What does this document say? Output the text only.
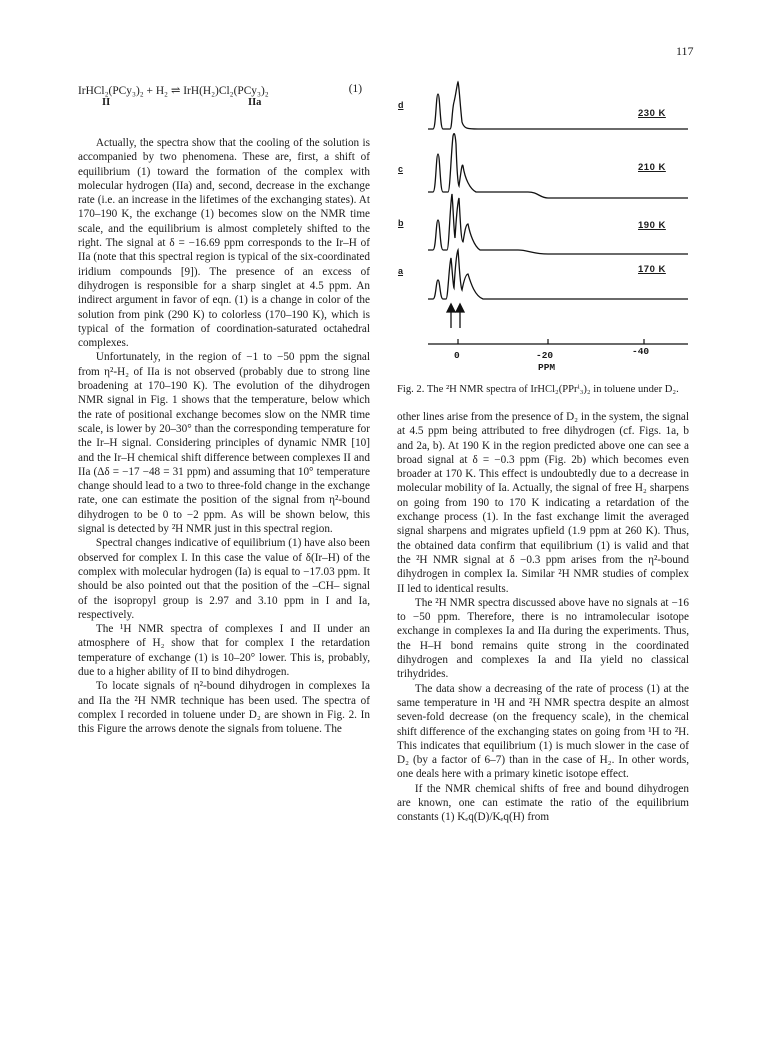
117
IrHCl₂(PCy₃)₂ + H₂ ⇌ IrH(H₂)Cl₂(PCy₃)₂	(1)
II	IIa

Actually, the spectra show that the cooling of the solution is accompanied by two phenomena. These are, first, a shift of equilibrium (1) toward the formation of the complex with molecular hydrogen (IIa) and, second, decrease in the exchange rate (i.e. an increase in the lifetimes of the exchanging states). At 170–190 K, the exchange (1) becomes slow on the NMR time scale, and the equilibrium is almost completely shifted to the right. The signal at δ = −16.69 ppm corresponds to the Ir–H of IIa (note that this spectral region is typical of the six-coordinated iridium compounds [9]). The presence of an excess of dihydrogen is responsible for a sharp singlet at 4.5 ppm. An indirect argument in favor of eqn. (1) is a change in color of the solution from pink (290 K) to colorless (170–190 K), which is typical of the formation of coordination-saturated octahedral complexes.

Unfortunately, in the region of −1 to −50 ppm the signal from η²-H₂ of IIa is not observed (probably due to strong line broadening at 170–190 K). The evolution of the dihydrogen NMR signal in Fig. 1 shows that the temperature, below which the rate of positional exchange becomes slow on the NMR time scale, is lower by 20–30° than the corresponding temperature for the Ir–H signal. Considering principles of dynamic NMR [10] and the Ir–H chemical shift difference between complexes II and IIa (Δδ = −17 −48 = 31 ppm) and assuming that 10° temperature change should lead to a two to three-fold change in the exchange rate, one can estimate the position of the signal from η²-bound dihydrogen to be 0 to −2 ppm. As will be shown below, this signal is detected by ²H NMR just in this spectral region.

Spectral changes indicative of equilibrium (1) have also been observed for complex I. In this case the value of δ(Ir–H) of the complex with molecular hydrogen (Ia) is equal to −17.03 ppm. It should be also pointed out that the position of the –CH– signal of the isopropyl group is 2.97 and 3.10 ppm in I and Ia, respectively.

The ¹H NMR spectra of complexes I and II under an atmosphere of H₂ show that for complex I the retardation temperature of exchange (1) is 10–20° lower. This is, probably, due to a higher ability of II to bind dihydrogen.

To locate signals of η²-bound dihydrogen in complexes Ia and IIa the ²H NMR technique has been used. The spectra of complex I recorded in toluene under D₂ are shown in Fig. 2. In this Figure the arrows denote the signals from toluene. The

d
c
b
a
230 K
210 K
190 K
170 K
0	-20	-40
PPM
Fig. 2. The ²H NMR spectra of IrHCl₂(PPrⁱ₃)₂ in toluene under D₂.

other lines arise from the presence of D₂ in the system, the signal at 4.5 ppm being attributed to free dihydrogen (cf. Figs. 1a, b and 2a, b). At 190 K in the region predicted above one can see a broad signal at δ = −0.3 ppm (Fig. 2b) which becomes even broader at 170 K. This effect is undoubtedly due to a decrease in molecular mobility of Ia. Actually, the signal of free H₂ sharpens on going from 190 to 170 K indicating a retardation of the exchange process (1). In the fast exchange limit the averaged signal sharpens and migrates upfield (1.9 ppm at 260 K). Thus, the obtained data confirm that equilibrium (1) is valid and that the ²H NMR signal at δ −0.3 ppm arises from the η²-bound dihydrogen in complex Ia. Similar ²H NMR studies of complex II led to identical results.

The ²H NMR spectra discussed above have no signals at −16 to −50 ppm. Therefore, there is no intramolecular isotope exchange in complexes Ia and IIa during the experiments. Thus, the H–H bond remains quite strong in the coordinated dihydrogen and complexes Ia and IIa yield no classical trihydrides.

The data show a decreasing of the rate of process (1) at the same temperature in ¹H and ²H NMR spectra despite an almost seven-fold decrease (on the frequency scale), in the chemical shift difference of the exchanging states on going from ¹H to ²H. This indicates that equilibrium (1) is much slower in the case of D₂ (by a factor of 6–7) than in the case of H₂. In other words, one deals here with a primary kinetic isotope effect.

If the NMR chemical shifts of free and bound dihydrogen are known, one can estimate the ratio of the equilibrium constants (1) Kₑq(D)/Kₑq(H) from
